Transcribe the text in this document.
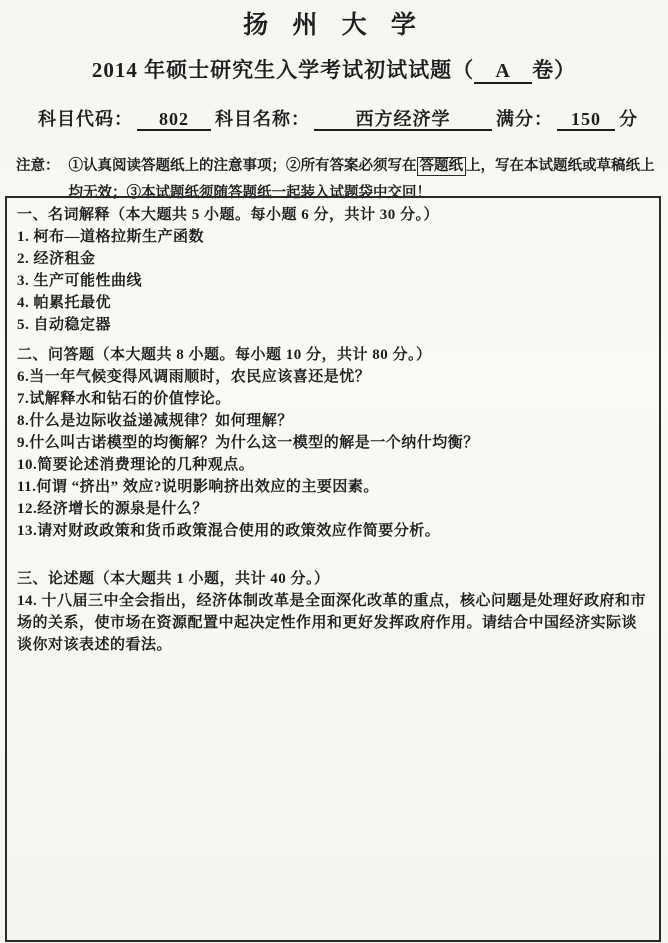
扬 州 大 学
2014 年硕士研究生入学考试初试试题（ A 卷）
科目代码： 802 科目名称：	西方经济学	满分： 150 分
注意： ①认真阅读答题纸上的注意事项；②所有答案必须写在 答题纸 上，写在本试题纸或草稿纸上均无效；③本试题纸须随答题纸一起装入试题袋中交回！

一、名词解释（本大题共 5 小题。每小题 6 分，共计 30 分。）
1. 柯布—道格拉斯生产函数
2. 经济租金
3. 生产可能性曲线
4. 帕累托最优
5. 自动稳定器
二、问答题（本大题共 8 小题。每小题 10 分，共计 80 分。）
6.当一年气候变得风调雨顺时，农民应该喜还是忧？
7.试解释水和钻石的价值悖论。
8.什么是边际收益递减规律？如何理解？
9.什么叫古诺模型的均衡解？为什么这一模型的解是一个纳什均衡？
10.简要论述消费理论的几种观点。
11.何谓 “挤出” 效应?说明影响挤出效应的主要因素。
12.经济增长的源泉是什么？
13.请对财政政策和货币政策混合使用的政策效应作简要分析。
三、论述题（本大题共 1 小题，共计 40 分。）
14. 十八届三中全会指出，经济体制改革是全面深化改革的重点，核心问题是处理好政府和市场的关系，使市场在资源配置中起决定性作用和更好发挥政府作用。请结合中国经济实际谈谈你对该表述的看法。
